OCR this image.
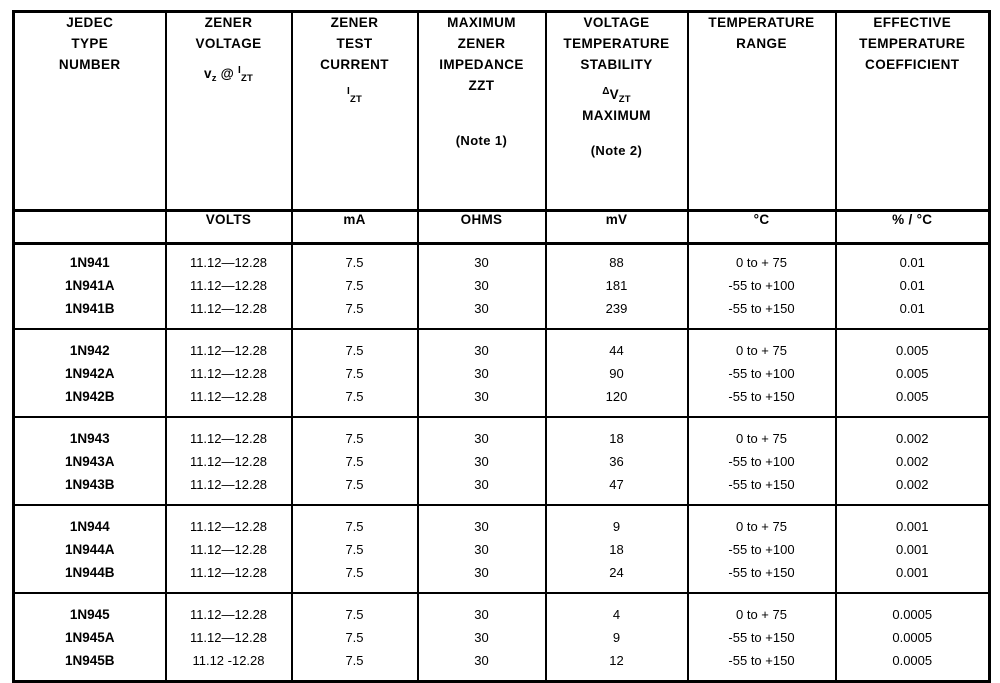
JEDEC
TYPE
NUMBER

ZENER
VOLTAGE
$v_z$ @ $^I_{ZT}$

ZENER
TEST
CURRENT
$^I_{ZT}$

MAXIMUM
ZENER
IMPEDANCE
ZZT
(Note 1)

VOLTAGE
TEMPERATURE
STABILITY
$^\Delta V_{ZT}$
MAXIMUM
(Note 2)

TEMPERATURE
RANGE

EFFECTIVE
TEMPERATURE
COEFFICIENT

	VOLTS	mA	OHMS	mV	°C	% / °C
1N941	11.12—12.28	7.5	30	88	0 to + 75	0.01
1N941A	11.12—12.28	7.5	30	181	-55 to +100	0.01
1N941B	11.12—12.28	7.5	30	239	-55 to +150	0.01
1N942	11.12—12.28	7.5	30	44	0 to + 75	0.005
1N942A	11.12—12.28	7.5	30	90	-55 to +100	0.005
1N942B	11.12—12.28	7.5	30	120	-55 to +150	0.005
1N943	11.12—12.28	7.5	30	18	0 to + 75	0.002
1N943A	11.12—12.28	7.5	30	36	-55 to +100	0.002
1N943B	11.12—12.28	7.5	30	47	-55 to +150	0.002
1N944	11.12—12.28	7.5	30	9	0 to + 75	0.001
1N944A	11.12—12.28	7.5	30	18	-55 to +100	0.001
1N944B	11.12—12.28	7.5	30	24	-55 to +150	0.001
1N945	11.12—12.28	7.5	30	4	0 to + 75	0.0005
1N945A	11.12—12.28	7.5	30	9	-55 to +150	0.0005
1N945B	11.12 -12.28	7.5	30	12	-55 to +150	0.0005
